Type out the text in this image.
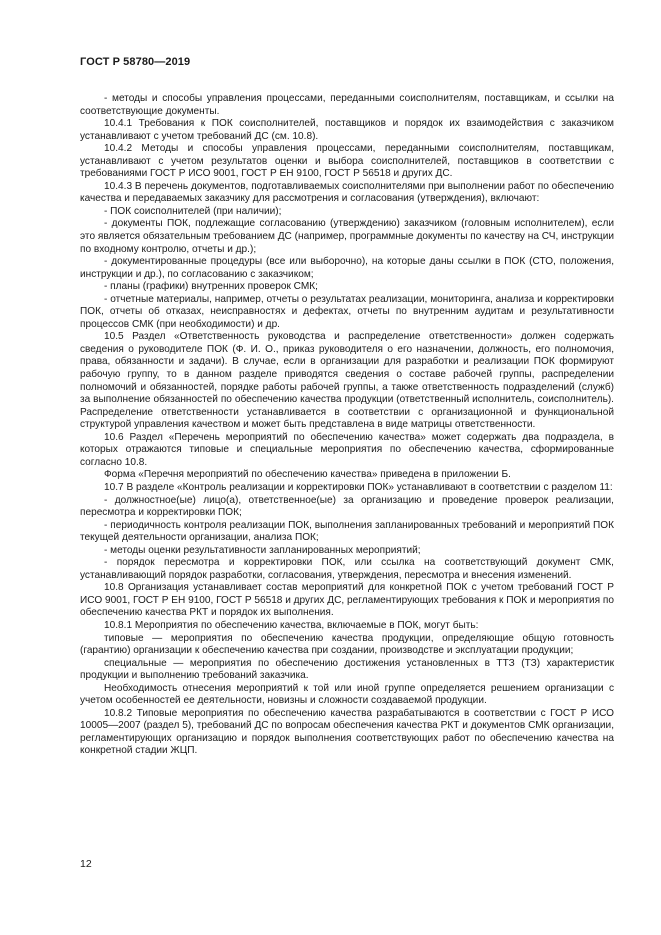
ГОСТ Р 58780—2019

- методы и способы управления процессами, переданными соисполнителям, поставщикам, и ссылки на соответствующие документы.

10.4.1 Требования к ПОК соисполнителей, поставщиков и порядок их взаимодействия с заказчиком устанавливают с учетом требований ДС (см. 10.8).

10.4.2 Методы и способы управления процессами, переданными соисполнителям, поставщикам, устанавливают с учетом результатов оценки и выбора соисполнителей, поставщиков в соответствии с требованиями ГОСТ Р ИСО 9001, ГОСТ Р ЕН 9100, ГОСТ Р 56518 и других ДС.

10.4.3 В перечень документов, подготавливаемых соисполнителями при выполнении работ по обеспечению качества и передаваемых заказчику для рассмотрения и согласования (утверждения), включают:

- ПОК соисполнителей (при наличии);

- документы ПОК, подлежащие согласованию (утверждению) заказчиком (головным исполнителем), если это является обязательным требованием ДС (например, программные документы по качеству на СЧ, инструкции по входному контролю, отчеты и др.);

- документированные процедуры (все или выборочно), на которые даны ссылки в ПОК (СТО, положения, инструкции и др.), по согласованию с заказчиком;

- планы (графики) внутренних проверок СМК;

- отчетные материалы, например, отчеты о результатах реализации, мониторинга, анализа и корректировки ПОК, отчеты об отказах, неисправностях и дефектах, отчеты по внутренним аудитам и результативности процессов СМК (при необходимости) и др.

10.5 Раздел «Ответственность руководства и распределение ответственности» должен содержать сведения о руководителе ПОК (Ф. И. О., приказ руководителя о его назначении, должность, его полномочия, права, обязанности и задачи). В случае, если в организации для разработки и реализации ПОК формируют рабочую группу, то в данном разделе приводятся сведения о составе рабочей группы, распределении полномочий и обязанностей, порядке работы рабочей группы, а также ответственность подразделений (служб) за выполнение обязанностей по обеспечению качества продукции (ответственный исполнитель, соисполнитель). Распределение ответственности устанавливается в соответствии с организационной и функциональной структурой управления качеством и может быть представлена в виде матрицы ответственности.

10.6 Раздел «Перечень мероприятий по обеспечению качества» может содержать два подраздела, в которых отражаются типовые и специальные мероприятия по обеспечению качества, сформированные согласно 10.8.

Форма «Перечня мероприятий по обеспечению качества» приведена в приложении Б.

10.7 В разделе «Контроль реализации и корректировки ПОК» устанавливают в соответствии с разделом 11:

- должностное(ые) лицо(а), ответственное(ые) за организацию и проведение проверок реализации, пересмотра и корректировки ПОК;

- периодичность контроля реализации ПОК, выполнения запланированных требований и мероприятий ПОК текущей деятельности организации, анализа ПОК;

- методы оценки результативности запланированных мероприятий;

- порядок пересмотра и корректировки ПОК, или ссылка на соответствующий документ СМК, устанавливающий порядок разработки, согласования, утверждения, пересмотра и внесения изменений.

10.8 Организация устанавливает состав мероприятий для конкретной ПОК с учетом требований ГОСТ Р ИСО 9001, ГОСТ Р ЕН 9100, ГОСТ Р 56518 и других ДС, регламентирующих требования к ПОК и мероприятия по обеспечению качества РКТ и порядок их выполнения.

10.8.1 Мероприятия по обеспечению качества, включаемые в ПОК, могут быть:

типовые — мероприятия по обеспечению качества продукции, определяющие общую готовность (гарантию) организации к обеспечению качества при создании, производстве и эксплуатации продукции;

специальные — мероприятия по обеспечению достижения установленных в ТТЗ (ТЗ) характеристик продукции и выполнению требований заказчика.

Необходимость отнесения мероприятий к той или иной группе определяется решением организации с учетом особенностей ее деятельности, новизны и сложности создаваемой продукции.

10.8.2 Типовые мероприятия по обеспечению качества разрабатываются в соответствии с ГОСТ Р ИСО 10005—2007 (раздел 5), требований ДС по вопросам обеспечения качества РКТ и документов СМК организации, регламентирующих организацию и порядок выполнения соответствующих работ по обеспечению качества на конкретной стадии ЖЦП.

12
